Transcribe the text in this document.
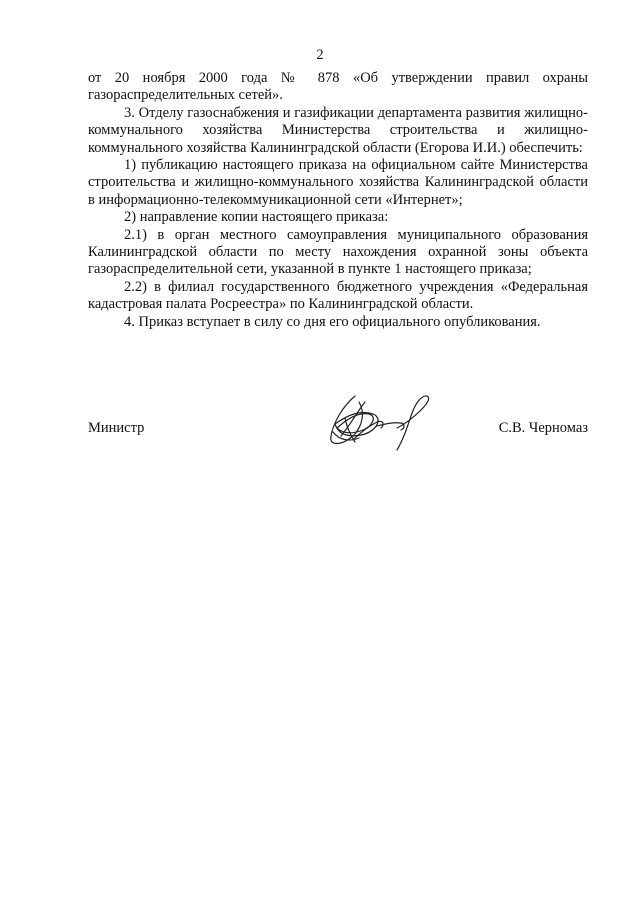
2

от 20 ноября 2000 года № 878 «Об утверждении правил охраны газораспределительных сетей».

3. Отделу газоснабжения и газификации департамента развития жилищно-коммунального хозяйства Министерства строительства и жилищно-коммунального хозяйства Калининградской области (Егорова И.И.) обеспечить:

1) публикацию настоящего приказа на официальном сайте Министерства строительства и жилищно-коммунального хозяйства Калининградской области в информационно-телекоммуникационной сети «Интернет»;

2) направление копии настоящего приказа:

2.1) в орган местного самоуправления муниципального образования Калининградской области по месту нахождения охранной зоны объекта газораспределительной сети, указанной в пункте 1 настоящего приказа;

2.2) в филиал государственного бюджетного учреждения «Федеральная кадастровая палата Росреестра» по Калининградской области.

4. Приказ вступает в силу со дня его официального опубликования.

Министр	С.В. Черномаз
